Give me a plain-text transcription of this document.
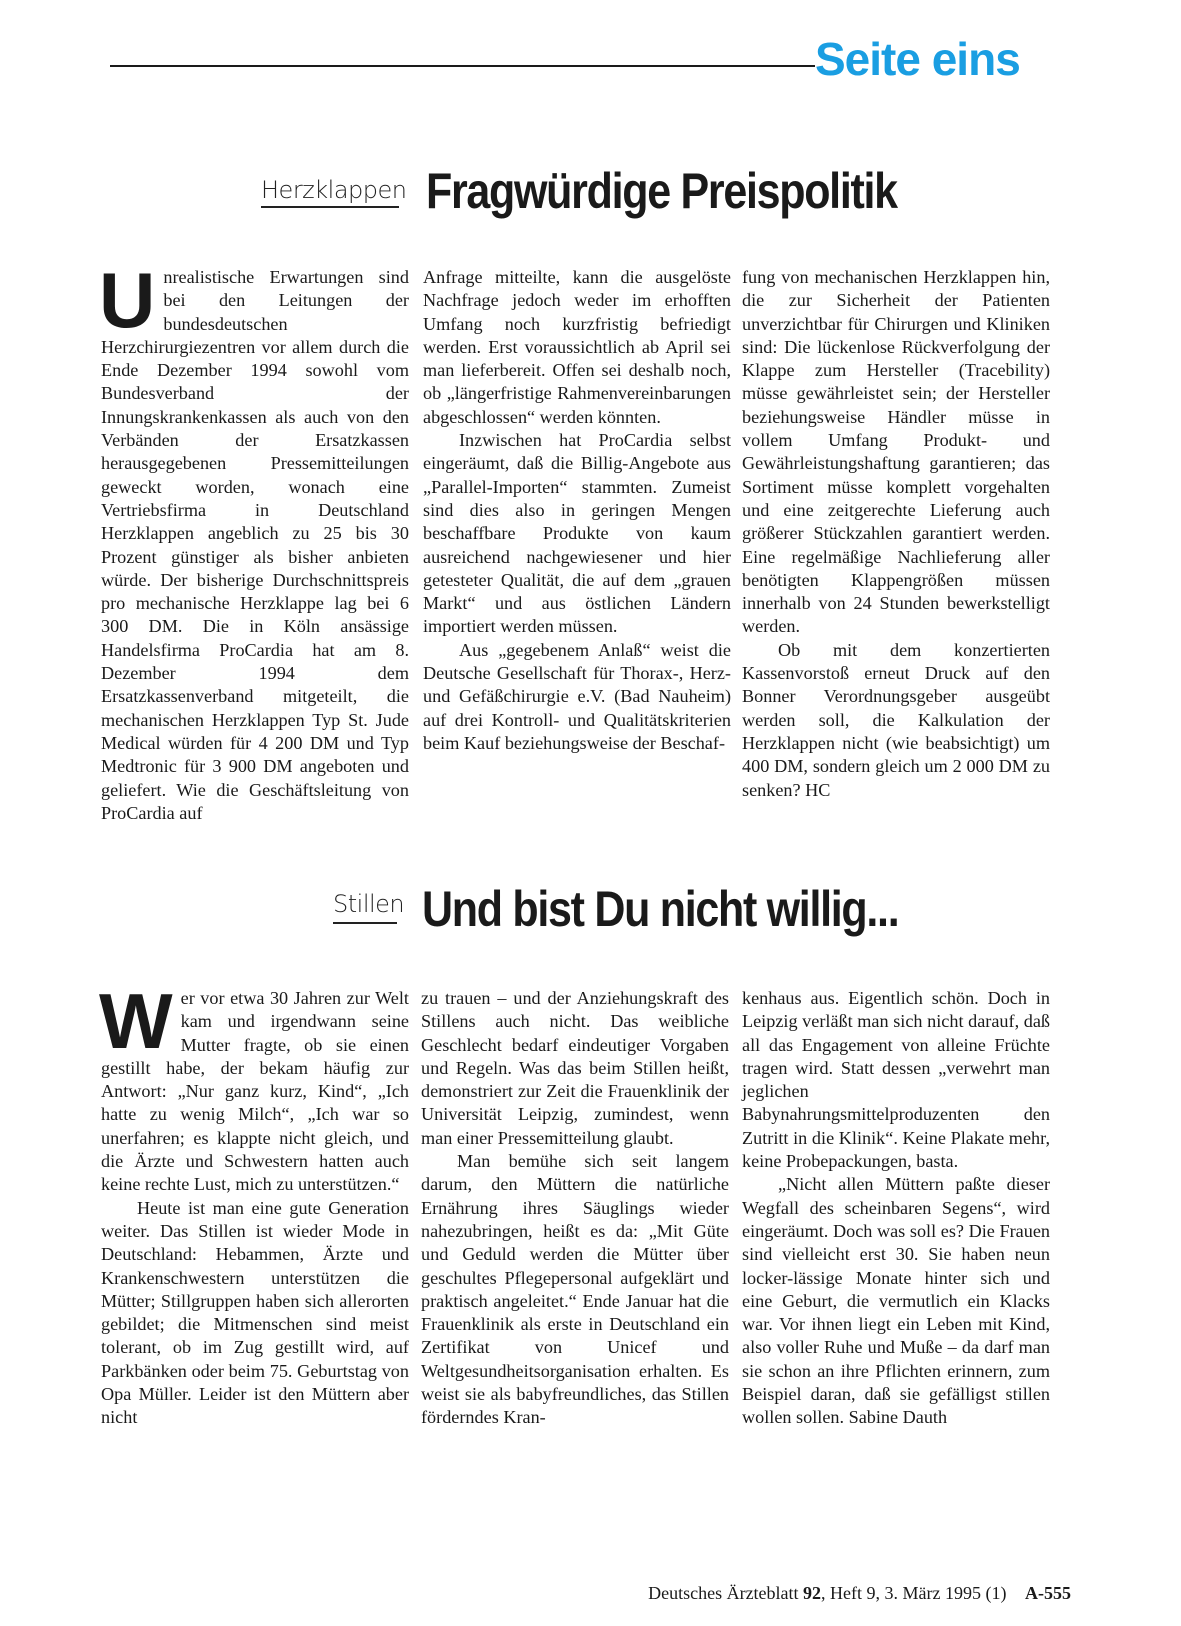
Seite eins
Herzklappen Fragwürdige Preispolitik
U nrealistische Erwartungen sind bei den Leitungen der bundesdeutschen Herzchirurgiezentren vor allem durch die Ende Dezember 1994 sowohl vom Bundesverband der Innungskrankenkassen als auch von den Verbänden der Ersatzkassen herausgegebenen Pressemitteilungen geweckt worden, wonach eine Vertriebsfirma in Deutschland Herzklappen angeblich zu 25 bis 30 Prozent günstiger als bisher anbieten würde. Der bisherige Durchschnittspreis pro mechanische Herzklappe lag bei 6 300 DM. Die in Köln ansässige Handelsfirma ProCardia hat am 8. Dezember 1994 dem Ersatzkassenverband mitgeteilt, die mechanischen Herzklappen Typ St. Jude Medical würden für 4 200 DM und Typ Medtronic für 3 900 DM angeboten und geliefert. Wie die Geschäftsleitung von ProCardia auf

Anfrage mitteilte, kann die ausgelöste Nachfrage jedoch weder im erhofften Umfang noch kurzfristig befriedigt werden. Erst voraussichtlich ab April sei man lieferbereit. Offen sei deshalb noch, ob „längerfristige Rahmenvereinbarungen abgeschlossen“ werden könnten.

Inzwischen hat ProCardia selbst eingeräumt, daß die Billig-Angebote aus „Parallel-Importen“ stammten. Zumeist sind dies also in geringen Mengen beschaffbare Produkte von kaum ausreichend nachgewiesener und hier getesteter Qualität, die auf dem „grauen Markt“ und aus östlichen Ländern importiert werden müssen.

Aus „gegebenem Anlaß“ weist die Deutsche Gesellschaft für Thorax-, Herz- und Gefäßchirurgie e.V. (Bad Nauheim) auf drei Kontroll- und Qualitätskriterien beim Kauf beziehungsweise der Beschaf-

fung von mechanischen Herzklappen hin, die zur Sicherheit der Patienten unverzichtbar für Chirurgen und Kliniken sind: Die lückenlose Rückverfolgung der Klappe zum Hersteller (Tracebility) müsse gewährleistet sein; der Hersteller beziehungsweise Händler müsse in vollem Umfang Produkt- und Gewährleistungshaftung garantieren; das Sortiment müsse komplett vorgehalten und eine zeitgerechte Lieferung auch größerer Stückzahlen garantiert werden. Eine regelmäßige Nachlieferung aller benötigten Klappengrößen müssen innerhalb von 24 Stunden bewerkstelligt werden.

Ob mit dem konzertierten Kassenvorstoß erneut Druck auf den Bonner Verordnungsgeber ausgeübt werden soll, die Kalkulation der Herzklappen nicht (wie beabsichtigt) um 400 DM, sondern gleich um 2 000 DM zu senken? HC

Stillen Und bist Du nicht willig...
W er vor etwa 30 Jahren zur Welt kam und irgendwann seine Mutter fragte, ob sie einen gestillt habe, der bekam häufig zur Antwort: „Nur ganz kurz, Kind“, „Ich hatte zu wenig Milch“, „Ich war so unerfahren; es klappte nicht gleich, und die Ärzte und Schwestern hatten auch keine rechte Lust, mich zu unterstützen.“

Heute ist man eine gute Generation weiter. Das Stillen ist wieder Mode in Deutschland: Hebammen, Ärzte und Krankenschwestern unterstützen die Mütter; Stillgruppen haben sich allerorten gebildet; die Mitmenschen sind meist tolerant, ob im Zug gestillt wird, auf Parkbänken oder beim 75. Geburtstag von Opa Müller. Leider ist den Müttern aber nicht

zu trauen – und der Anziehungskraft des Stillens auch nicht. Das weibliche Geschlecht bedarf eindeutiger Vorgaben und Regeln. Was das beim Stillen heißt, demonstriert zur Zeit die Frauenklinik der Universität Leipzig, zumindest, wenn man einer Pressemitteilung glaubt.

Man bemühe sich seit langem darum, den Müttern die natürliche Ernährung ihres Säuglings wieder nahezubringen, heißt es da: „Mit Güte und Geduld werden die Mütter über geschultes Pflegepersonal aufgeklärt und praktisch angeleitet.“ Ende Januar hat die Frauenklinik als erste in Deutschland ein Zertifikat von Unicef und Weltgesundheitsorganisation erhalten. Es weist sie als babyfreundliches, das Stillen förderndes Kran-

kenhaus aus. Eigentlich schön. Doch in Leipzig verläßt man sich nicht darauf, daß all das Engagement von alleine Früchte tragen wird. Statt dessen „verwehrt man jeglichen Babynahrungsmittelproduzenten den Zutritt in die Klinik“. Keine Plakate mehr, keine Probepackungen, basta.

„Nicht allen Müttern paßte dieser Wegfall des scheinbaren Segens“, wird eingeräumt. Doch was soll es? Die Frauen sind vielleicht erst 30. Sie haben neun locker-lässige Monate hinter sich und eine Geburt, die vermutlich ein Klacks war. Vor ihnen liegt ein Leben mit Kind, also voller Ruhe und Muße – da darf man sie schon an ihre Pflichten erinnern, zum Beispiel daran, daß sie gefälligst stillen wollen sollen. Sabine Dauth

Deutsches Ärzteblatt 92, Heft 9, 3. März 1995 (1) A-555
